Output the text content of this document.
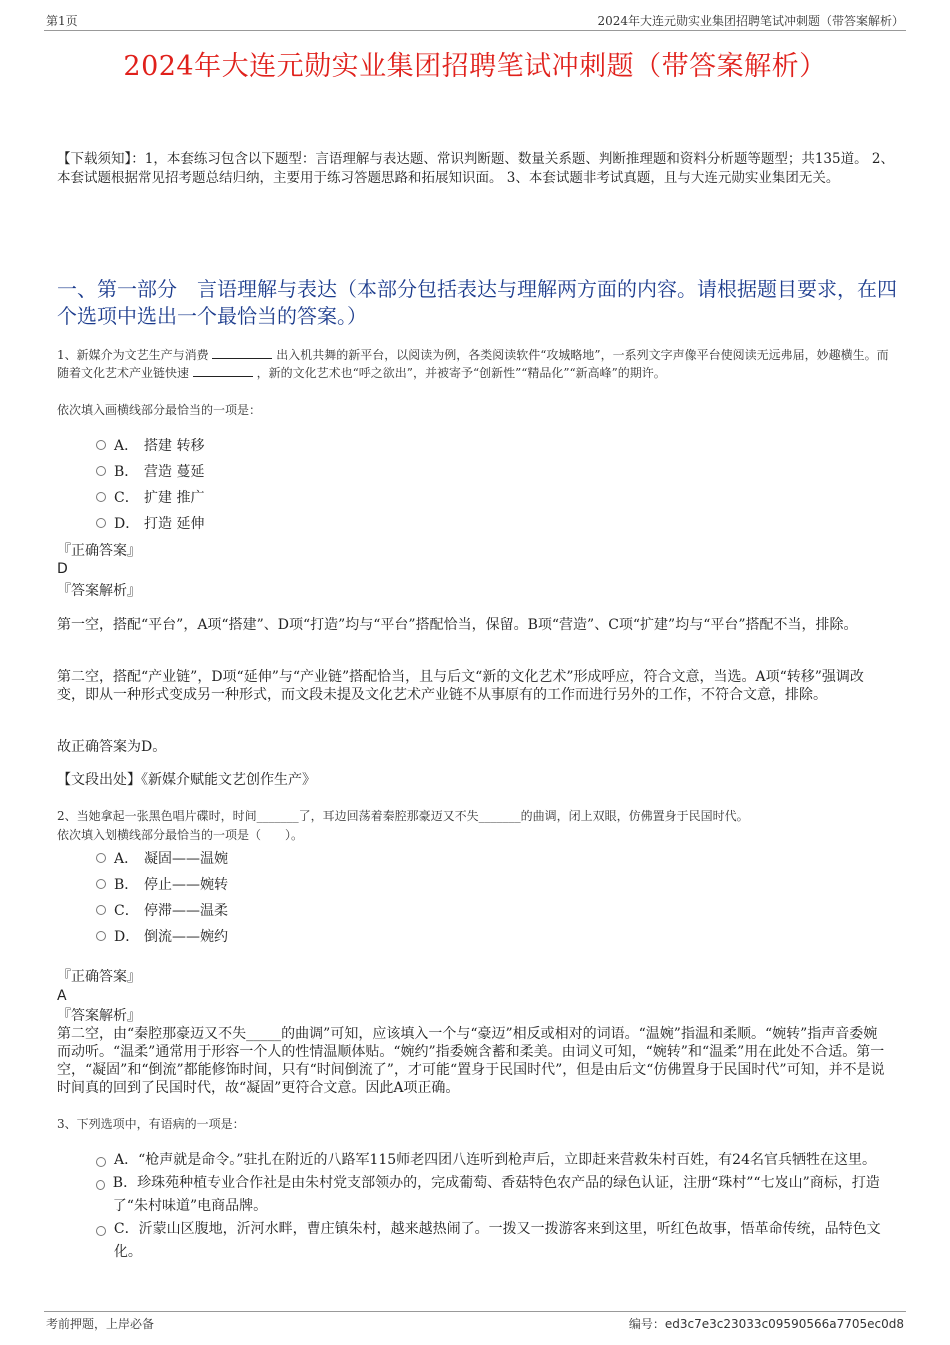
第1页	2024年大连元勋实业集团招聘笔试冲刺题（带答案解析）
2024年大连元勋实业集团招聘笔试冲刺题（带答案解析）
【下载须知】：1，本套练习包含以下题型：言语理解与表达题、常识判断题、数量关系题、判断推理题和资料分析题等题型；共135道。 2、本套试题根据常见招考题总结归纳，主要用于练习答题思路和拓展知识面。 3、本套试题非考试真题，且与大连元勋实业集团无关。
一、第一部分　言语理解与表达（本部分包括表达与理解两方面的内容。请根据题目要求，在四个选项中选出一个最恰当的答案。）
1、新媒介为文艺生产与消费	出入机共舞的新平台，以阅读为例，各类阅读软件“攻城略地”，一系列文字声像平台使阅读无远弗届，妙趣横生。而随着文化艺术产业链快速	，新的文化艺术也“呼之欲出”，并被寄予“创新性”“精品化”“新高峰”的期许。
依次填入画横线部分最恰当的一项是：
A． 搭建 转移
B． 营造 蔓延
C． 扩建 推广
D． 打造 延伸
『正确答案』
D
『答案解析』
第一空，搭配“平台”，A项“搭建”、D项“打造”均与“平台”搭配恰当，保留。B项“营造”、C项“扩建”均与“平台”搭配不当，排除。
第二空，搭配“产业链”，D项“延伸”与“产业链”搭配恰当，且与后文“新的文化艺术”形成呼应，符合文意，当选。A项“转移”强调改变，即从一种形式变成另一种形式，而文段未提及文化艺术产业链不从事原有的工作而进行另外的工作，不符合文意，排除。
故正确答案为D。
【文段出处】《新媒介赋能文艺创作生产》
2、当她拿起一张黑色唱片碟时，时间_______了，耳边回荡着秦腔那豪迈又不失_______的曲调，闭上双眼，仿佛置身于民国时代。
依次填入划横线部分最恰当的一项是（　　）。
A． 凝固——温婉
B． 停止——婉转
C． 停滞——温柔
D． 倒流——婉约
『正确答案』
A
『答案解析』
第二空，由“秦腔那豪迈又不失_____的曲调”可知，应该填入一个与“豪迈”相反或相对的词语。“温婉”指温和柔顺。“婉转”指声音委婉而动听。“温柔”通常用于形容一个人的性情温顺体贴。“婉约”指委婉含蓄和柔美。由词义可知，“婉转”和“温柔”用在此处不合适。第一空，“凝固”和“倒流”都能修饰时间，只有“时间倒流了”，才可能“置身于民国时代”，但是由后文“仿佛置身于民国时代”可知，并不是说时间真的回到了民国时代，故“凝固”更符合文意。因此A项正确。
3、下列选项中，有语病的一项是：
A．“枪声就是命令。”驻扎在附近的八路军115师老四团八连听到枪声后，立即赶来营救朱村百姓，有24名官兵牺牲在这里。
B．珍珠苑种植专业合作社是由朱村党支部领办的，完成葡萄、香菇特色农产品的绿色认证，注册“珠村”“七岌山”商标，打造了“朱村味道”电商品牌。
C．沂蒙山区腹地，沂河水畔，曹庄镇朱村，越来越热闹了。一拨又一拨游客来到这里，听红色故事，悟革命传统，品特色文化。
考前押题，上岸必备	编号：ed3c7e3c23033c09590566a7705ec0d8
